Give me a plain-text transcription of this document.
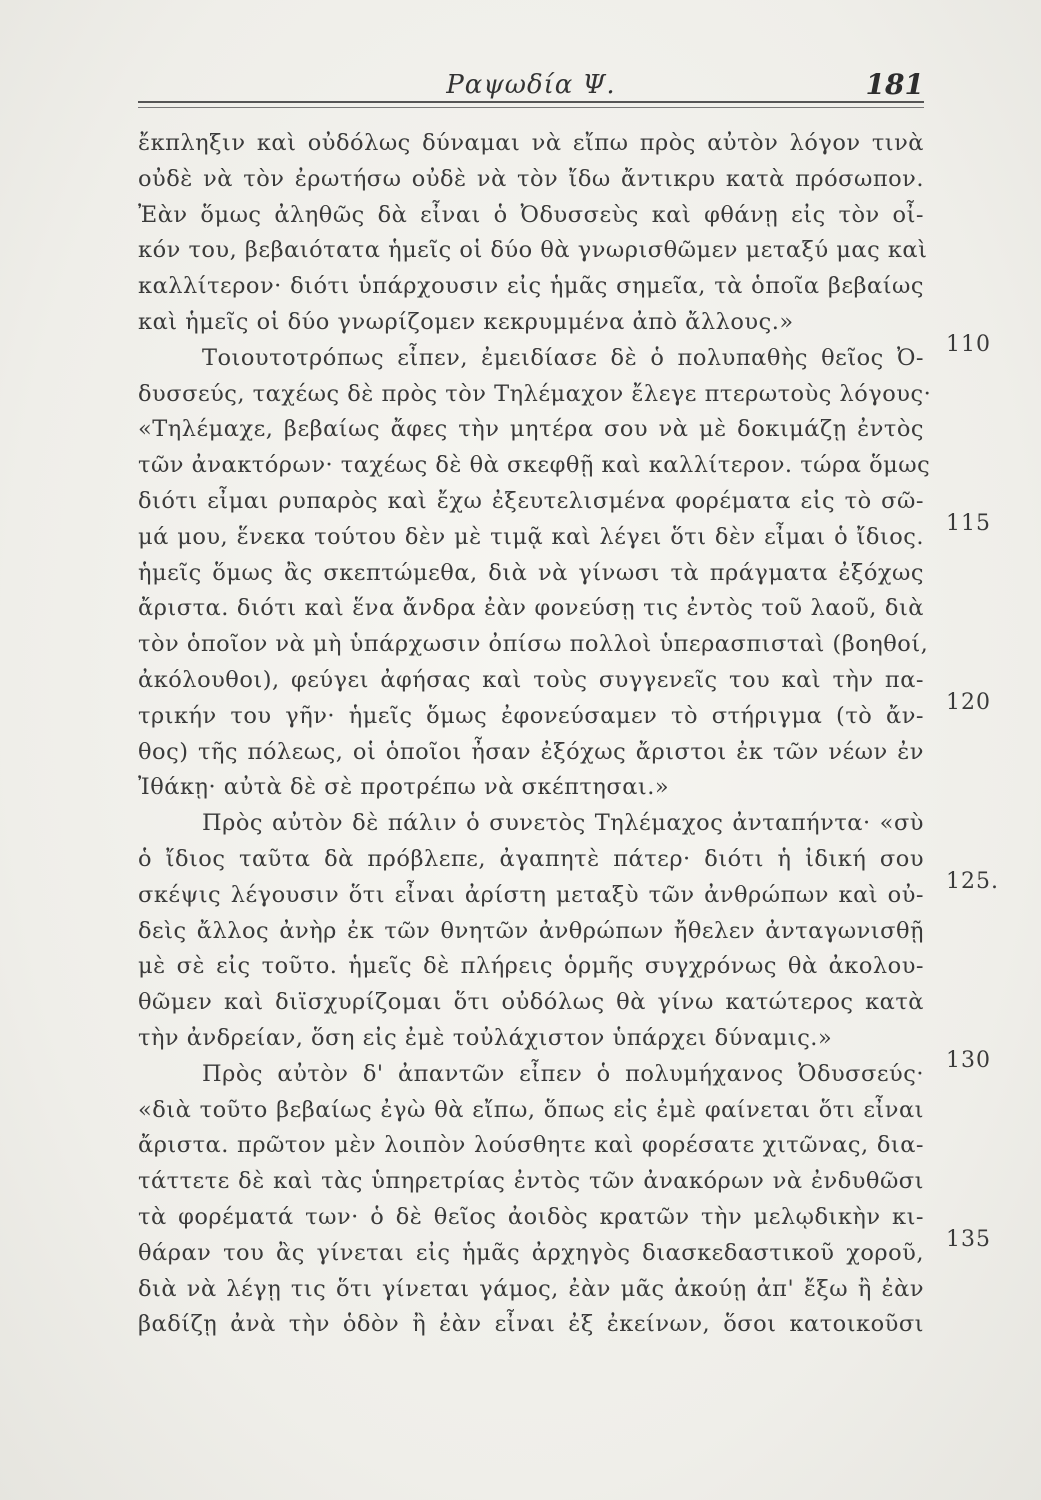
Ραψωδία Ψ.	181
ἔκπληξιν καὶ οὐδόλως δύναμαι νὰ εἴπω πρὸς αὐτὸν λόγον τινὰ
οὐδὲ νὰ τὸν ἐρωτήσω οὐδὲ νὰ τὸν ἴδω ἄντικρυ κατὰ πρόσωπον.
Ἐὰν ὅμως ἀληθῶς δὰ εἶναι ὁ Ὀδυσσεὺς καὶ φθάνῃ εἰς τὸν οἶ-
κόν του, βεβαιότατα ἡμεῖς οἱ δύο θὰ γνωρισθῶμεν μεταξύ μας καὶ
καλλίτερον· διότι ὑπάρχουσιν εἰς ἡμᾶς σημεῖα, τὰ ὁποῖα βεβαίως
καὶ ἡμεῖς οἱ δύο γνωρίζομεν κεκρυμμένα ἀπὸ ἄλλους.»
Τοιουτοτρόπως εἶπεν, ἐμειδίασε δὲ ὁ πολυπαθὴς θεῖος Ὀ-
δυσσεύς, ταχέως δὲ πρὸς τὸν Τηλέμαχον ἔλεγε πτερωτοὺς λόγους·
«Τηλέμαχε, βεβαίως ἄφες τὴν μητέρα σου νὰ μὲ δοκιμάζῃ ἐντὸς
τῶν ἀνακτόρων· ταχέως δὲ θὰ σκεφθῇ καὶ καλλίτερον. τώρα ὅμως
διότι εἶμαι ρυπαρὸς καὶ ἔχω ἐξευτελισμένα φορέματα εἰς τὸ σῶ-
μά μου, ἕνεκα τούτου δὲν μὲ τιμᾷ καὶ λέγει ὅτι δὲν εἶμαι ὁ ἴδιος.
ἡμεῖς ὅμως ἂς σκεπτώμεθα, διὰ νὰ γίνωσι τὰ πράγματα ἐξόχως
ἄριστα. διότι καὶ ἕνα ἄνδρα ἐὰν φονεύσῃ τις ἐντὸς τοῦ λαοῦ, διὰ
τὸν ὁποῖον νὰ μὴ ὑπάρχωσιν ὀπίσω πολλοὶ ὑπερασπισταὶ (βοηθοί,
ἀκόλουθοι), φεύγει ἀφήσας καὶ τοὺς συγγενεῖς του καὶ τὴν πα-
τρικήν του γῆν· ἡμεῖς ὅμως ἐφονεύσαμεν τὸ στήριγμα (τὸ ἄν-
θος) τῆς πόλεως, οἱ ὁποῖοι ἦσαν ἐξόχως ἄριστοι ἐκ τῶν νέων ἐν
Ἰθάκῃ· αὐτὰ δὲ σὲ προτρέπω νὰ σκέπτησαι.»
Πρὸς αὐτὸν δὲ πάλιν ὁ συνετὸς Τηλέμαχος ἀνταπήντα· «σὺ
ὁ ἴδιος ταῦτα δὰ πρόβλεπε, ἀγαπητὲ πάτερ· διότι ἡ ἰδική σου
σκέψις λέγουσιν ὅτι εἶναι ἀρίστη μεταξὺ τῶν ἀνθρώπων καὶ οὐ-
δεὶς ἄλλος ἀνὴρ ἐκ τῶν θνητῶν ἀνθρώπων ἤθελεν ἀνταγωνισθῇ
μὲ σὲ εἰς τοῦτο. ἡμεῖς δὲ πλήρεις ὁρμῆς συγχρόνως θὰ ἀκολου-
θῶμεν καὶ διϊσχυρίζομαι ὅτι οὐδόλως θὰ γίνω κατώτερος κατὰ
τὴν ἀνδρείαν, ὅση εἰς ἐμὲ τοὐλάχιστον ὑπάρχει δύναμις.»
Πρὸς αὐτὸν δ' ἀπαντῶν εἶπεν ὁ πολυμήχανος Ὀδυσσεύς·
«διὰ τοῦτο βεβαίως ἐγὼ θὰ εἴπω, ὅπως εἰς ἐμὲ φαίνεται ὅτι εἶναι
ἄριστα. πρῶτον μὲν λοιπὸν λούσθητε καὶ φορέσατε χιτῶνας, δια-
τάττετε δὲ καὶ τὰς ὑπηρετρίας ἐντὸς τῶν ἀνακόρων νὰ ἐνδυθῶσι
τὰ φορέματά των· ὁ δὲ θεῖος ἀοιδὸς κρατῶν τὴν μελῳδικὴν κι-
θάραν του ἂς γίνεται εἰς ἡμᾶς ἀρχηγὸς διασκεδαστικοῦ χοροῦ,
διὰ νὰ λέγῃ τις ὅτι γίνεται γάμος, ἐὰν μᾶς ἀκούῃ ἀπ' ἔξω ἢ ἐὰν
βαδίζῃ ἀνὰ τὴν ὁδὸν ἢ ἐὰν εἶναι ἐξ ἐκείνων, ὅσοι κατοικοῦσι
110
115
120
125.
130
135
